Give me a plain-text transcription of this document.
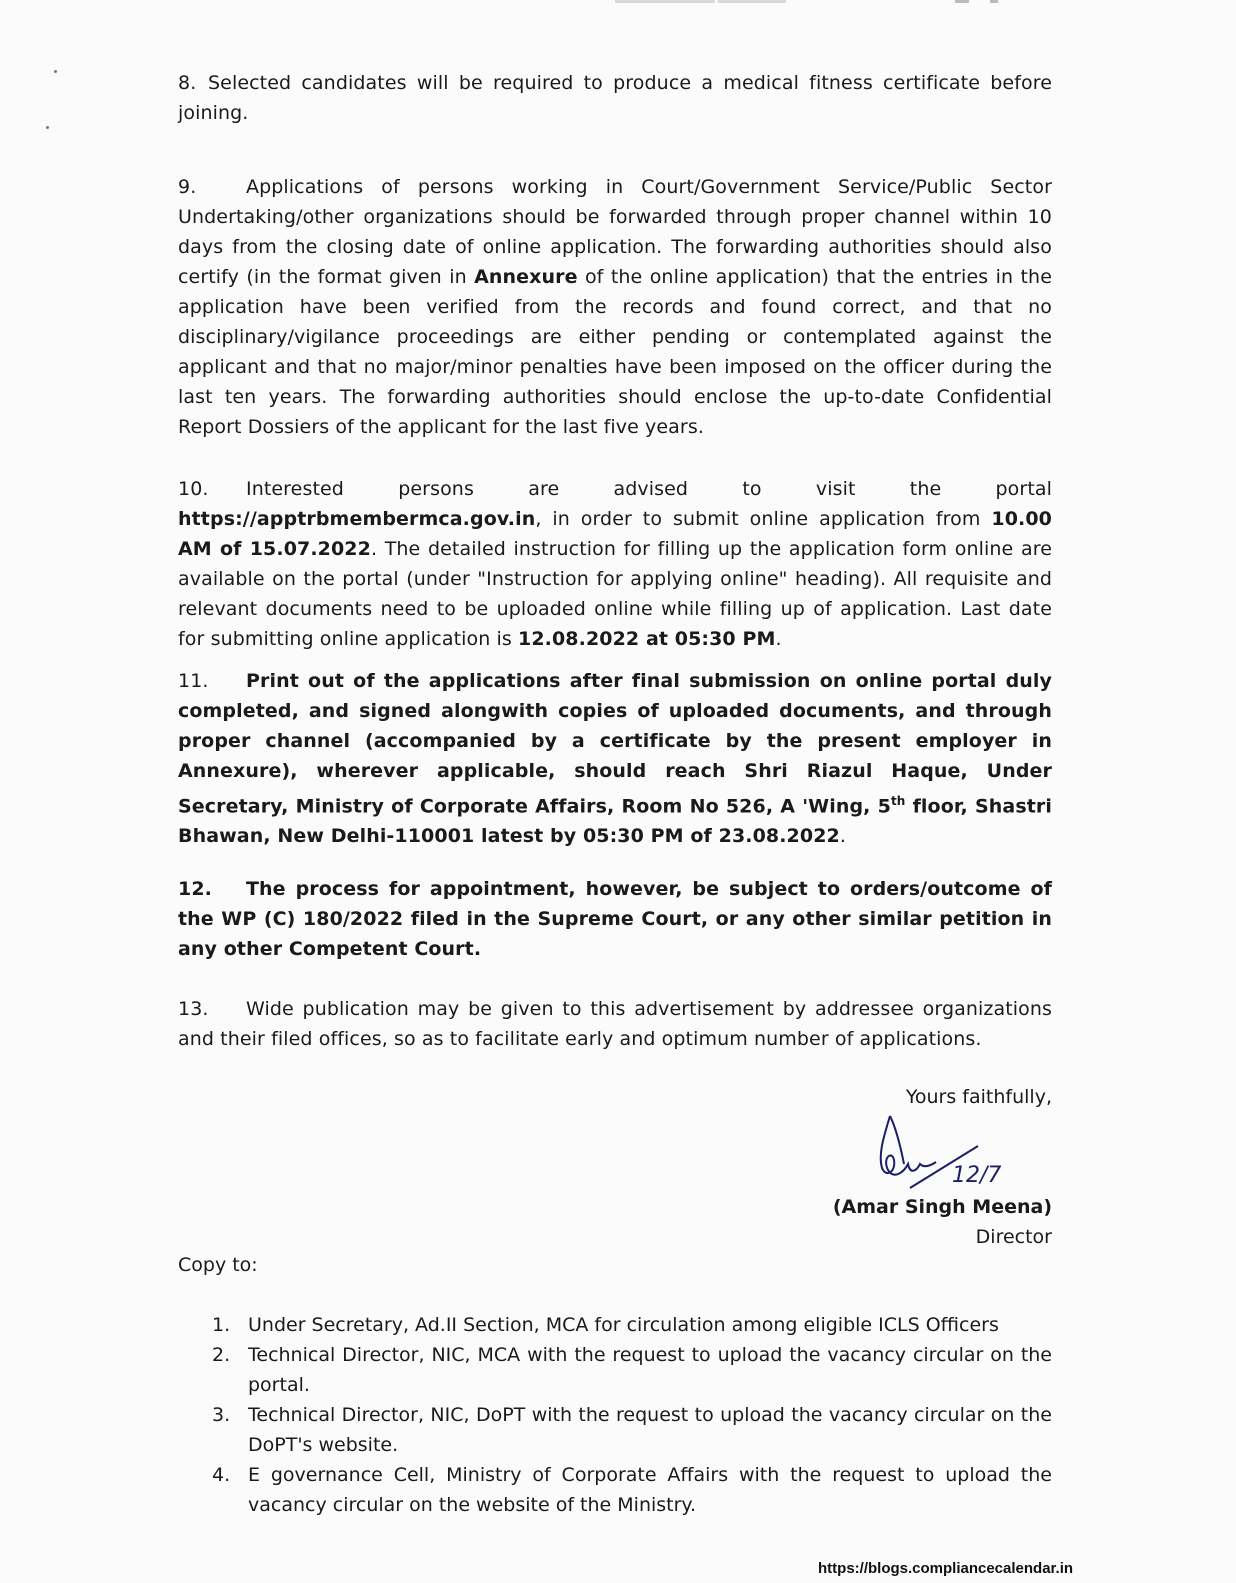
8. Selected candidates will be required to produce a medical fitness certificate before joining.
9.	Applications of persons working in Court/Government Service/Public Sector Undertaking/other organizations should be forwarded through proper channel within 10 days from the closing date of online application. The forwarding authorities should also certify (in the format given in Annexure of the online application) that the entries in the application have been verified from the records and found correct, and that no disciplinary/vigilance proceedings are either pending or contemplated against the applicant and that no major/minor penalties have been imposed on the officer during the last ten years. The forwarding authorities should enclose the up-to-date Confidential Report Dossiers of the applicant for the last five years.
10. Interested persons are advised to visit the portal https://apptrbmembermca.gov.in, in order to submit online application from 10.00 AM of 15.07.2022. The detailed instruction for filling up the application form online are available on the portal (under "Instruction for applying online" heading). All requisite and relevant documents need to be uploaded online while filling up of application. Last date for submitting online application is 12.08.2022 at 05:30 PM.
11. Print out of the applications after final submission on online portal duly completed, and signed alongwith copies of uploaded documents, and through proper channel (accompanied by a certificate by the present employer in Annexure), wherever applicable, should reach Shri Riazul Haque, Under Secretary, Ministry of Corporate Affairs, Room No 526, A 'Wing, 5th floor, Shastri Bhawan, New Delhi-110001 latest by 05:30 PM of 23.08.2022.
12. The process for appointment, however, be subject to orders/outcome of the WP (C) 180/2022 filed in the Supreme Court, or any other similar petition in any other Competent Court.
13. Wide publication may be given to this advertisement by addressee organizations and their filed offices, so as to facilitate early and optimum number of applications.
Yours faithfully,
12/7
(Amar Singh Meena)
Director
Copy to:
1. Under Secretary, Ad.II Section, MCA for circulation among eligible ICLS Officers
2. Technical Director, NIC, MCA with the request to upload the vacancy circular on the portal.
3. Technical Director, NIC, DoPT with the request to upload the vacancy circular on the DoPT's website.
4. E governance Cell, Ministry of Corporate Affairs with the request to upload the vacancy circular on the website of the Ministry.
https://blogs.compliancecalendar.in
